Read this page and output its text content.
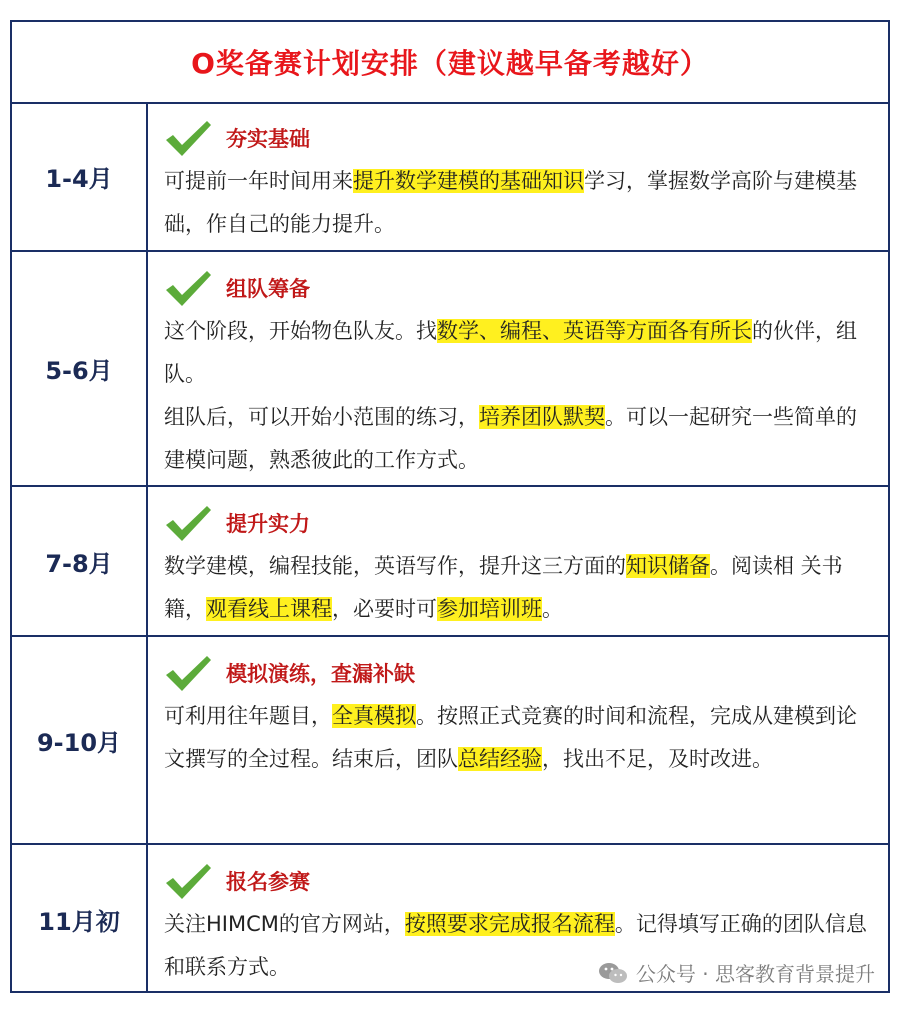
O奖备赛计划安排（建议越早备考越好）
1-4月
夯实基础

可提前一年时间用来提升数学建模的基础知识学习，掌握数学高阶与建模基础，作自己的能力提升。

5-6月
组队筹备

这个阶段，开始物色队友。找数学、编程、英语等方面各有所长的伙伴，组队。

组队后，可以开始小范围的练习，培养团队默契。可以一起研究一些简单的建模问题，熟悉彼此的工作方式。

7-8月
提升实力

数学建模，编程技能，英语写作，提升这三方面的知识储备。阅读相 关书籍，观看线上课程，必要时可参加培训班。

9-10月
模拟演练，查漏补缺

可利用往年题目，全真模拟。按照正式竞赛的时间和流程，完成从建模到论文撰写的全过程。结束后，团队总结经验，找出不足，及时改进。

11月初
报名参赛

关注HIMCM的官方网站，按照要求完成报名流程。记得填写正确的团队信息和联系方式。	公众号 · 思客教育背景提升
